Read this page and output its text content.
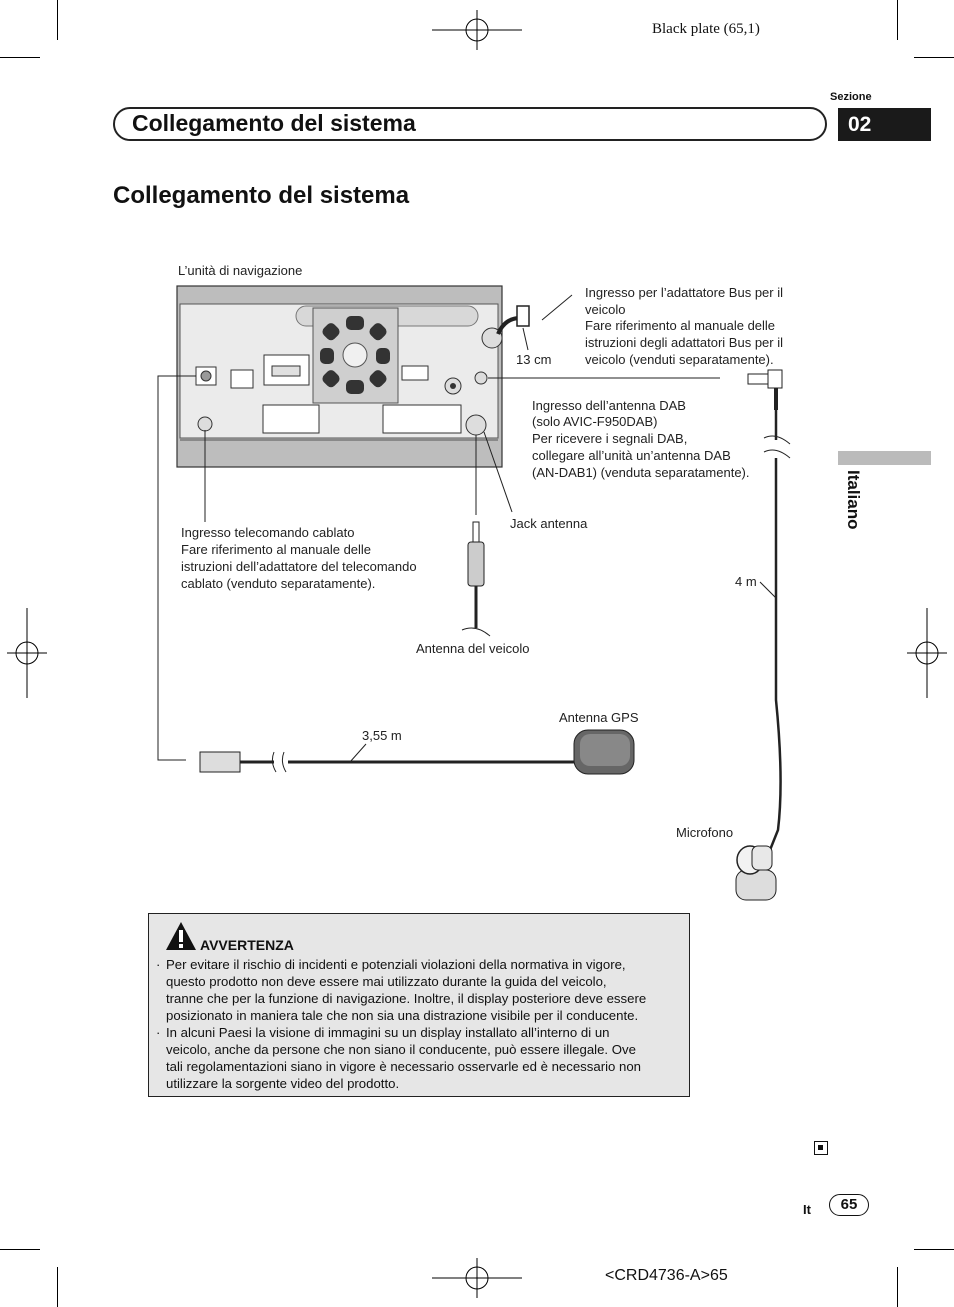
Black plate (65,1)
Sezione
Collegamento del sistema	02
Collegamento del sistema
Italiano
L’unità di navigazione
Ingresso per l’adattatore Bus per il
veicolo
Fare riferimento al manuale delle
istruzioni degli adattatori Bus per il
veicolo (venduti separatamente).
13 cm
Ingresso dell’antenna DAB
(solo AVIC-F950DAB)
Per ricevere i segnali DAB,
collegare all’unità un’antenna DAB
(AN-DAB1) (venduta separatamente).
Jack antenna
Ingresso telecomando cablato
Fare riferimento al manuale delle
istruzioni dell’adattatore del telecomando
cablato (venduto separatamente).	4 m
Antenna del veicolo
Antenna GPS
3,55 m
Microfono
AVVERTENZA
· Per evitare il rischio di incidenti e potenziali violazioni della normativa in vigore,
questo prodotto non deve essere mai utilizzato durante la guida del veicolo,
tranne che per la funzione di navigazione. Inoltre, il display posteriore deve essere
posizionato in maniera tale che non sia una distrazione visibile per il conducente.
· In alcuni Paesi la visione di immagini su un display installato all’interno di un
veicolo, anche da persone che non siano il conducente, può essere illegale. Ove
tali regolamentazioni siano in vigore è necessario osservarle ed è necessario non
utilizzare la sorgente video del prodotto.
It	65
<CRD4736-A>65
